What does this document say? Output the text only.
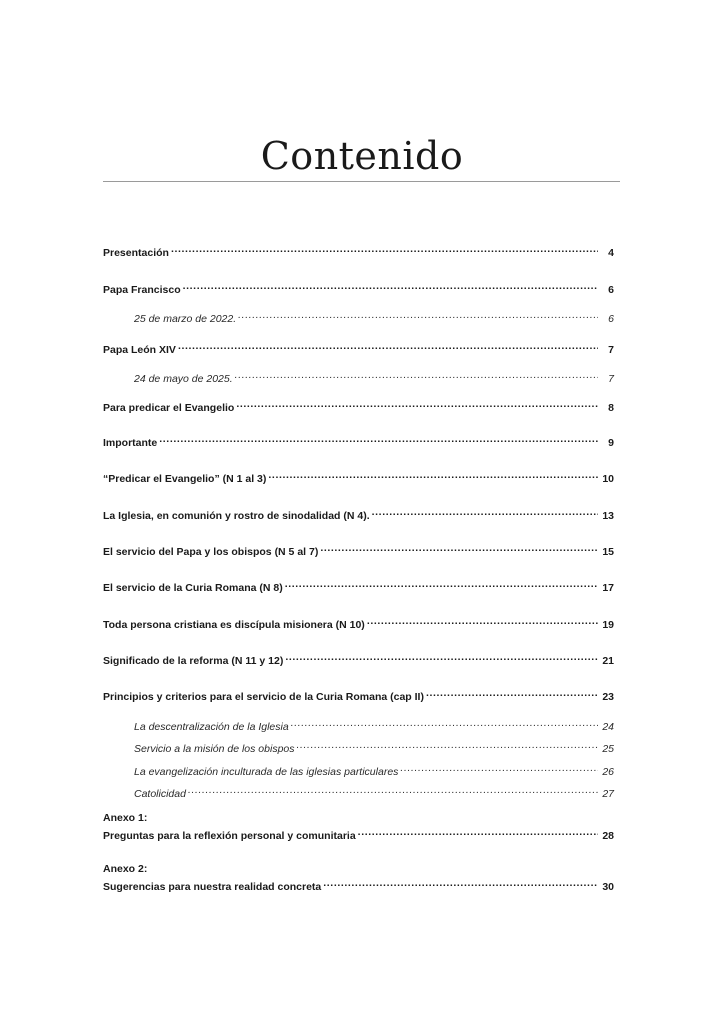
Contenido
Presentación .....	4
Papa Francisco .....	6
25 de marzo de 2022. .....	6
Papa León XIV .....	7
24 de mayo de 2025. .....	7
Para predicar el Evangelio .....	8
Importante .....	9
“Predicar el Evangelio” (N 1 al 3) .....	10
La Iglesia, en comunión y rostro de sinodalidad (N 4). .....	13
El servicio del Papa y los obispos (N 5 al 7) .....	15
El servicio de la Curia Romana (N 8) .....	17
Toda persona cristiana es discípula misionera (N 10) .....	19
Significado de la reforma (N 11 y 12) .....	21
Principios y criterios para el servicio de la Curia Romana (cap II) .....	23
La descentralización de la Iglesia .....	24
Servicio a la misión de los obispos .....	25
La evangelización inculturada de las iglesias particulares .....	26
Catolicidad .....	27
Anexo 1:
Preguntas para la reflexión personal y comunitaria .....	28
Anexo 2:
Sugerencias para nuestra realidad concreta .....	30
